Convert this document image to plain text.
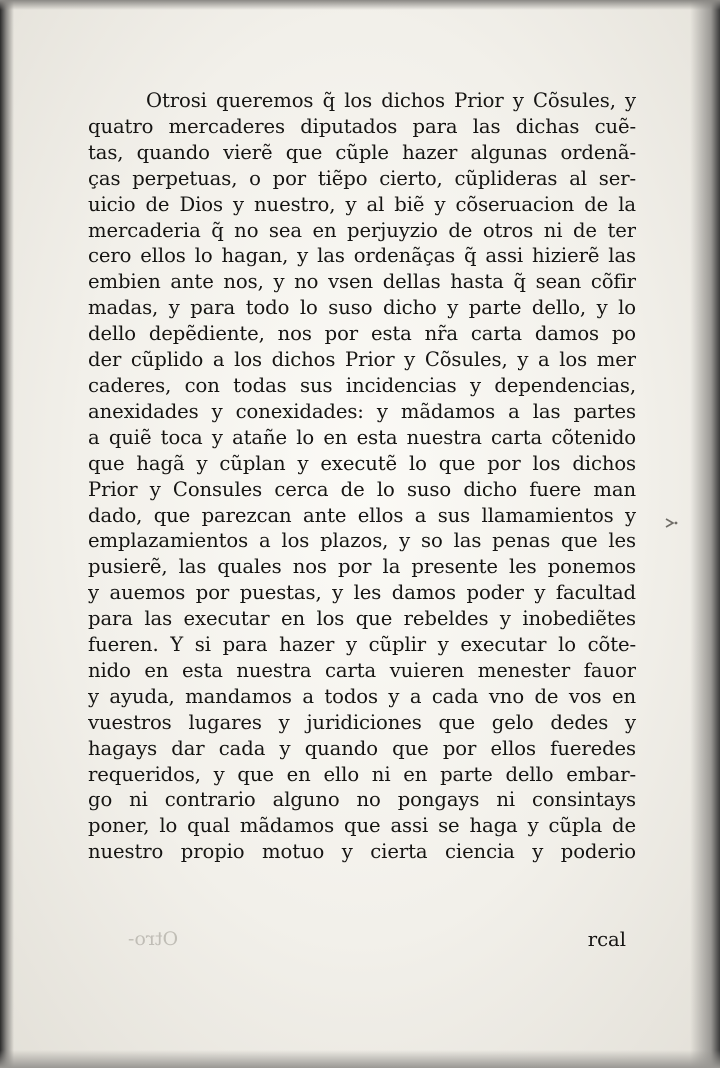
Otrosi queremos q̃ los dichos Prior y Cõsules, y
quatro mercaderes diputados para las dichas cuẽ-
tas, quando vierẽ que cũple hazer algunas ordenã-
ças perpetuas, o por tiẽpo cierto, cũplideras al ser-
uicio de Dios y nuestro, y al biẽ y cõseruacion de la
mercaderia q̃ no sea en perjuyzio de otros ni de ter
cero ellos lo hagan, y las ordenãças q̃ assi hizierẽ las
embien ante nos, y no vsen dellas hasta q̃ sean cõfir
madas, y para todo lo suso dicho y parte dello, y lo
dello depẽdiente, nos por esta nr̃a carta damos po
der cũplido a los dichos Prior y Cõsules, y a los mer
caderes, con todas sus incidencias y dependencias,
anexidades y conexidades: y mãdamos a las partes
a quiẽ toca y atañe lo en esta nuestra carta cõtenido
que hagã y cũplan y executẽ lo que por los dichos
Prior y Consules cerca de lo suso dicho fuere man
dado, que parezcan ante ellos a sus llamamientos y
emplazamientos a los plazos, y so las penas que les
pusierẽ, las quales nos por la presente les ponemos
y auemos por puestas, y les damos poder y facultad
para las executar en los que rebeldes y inobediẽtes
fueren. Y si para hazer y cũplir y executar lo cõte-
nido en esta nuestra carta vuieren menester fauor
y ayuda, mandamos a todos y a cada vno de vos en
vuestros lugares y juridiciones que gelo dedes y
hagays dar cada y quando que por ellos fueredes
requeridos, y que en ello ni en parte dello embar-
go ni contrario alguno no pongays ni consintays
poner, lo qual mãdamos que assi se haga y cũpla de
nuestro propio motuo y cierta ciencia y poderio
Otro-	rcal
